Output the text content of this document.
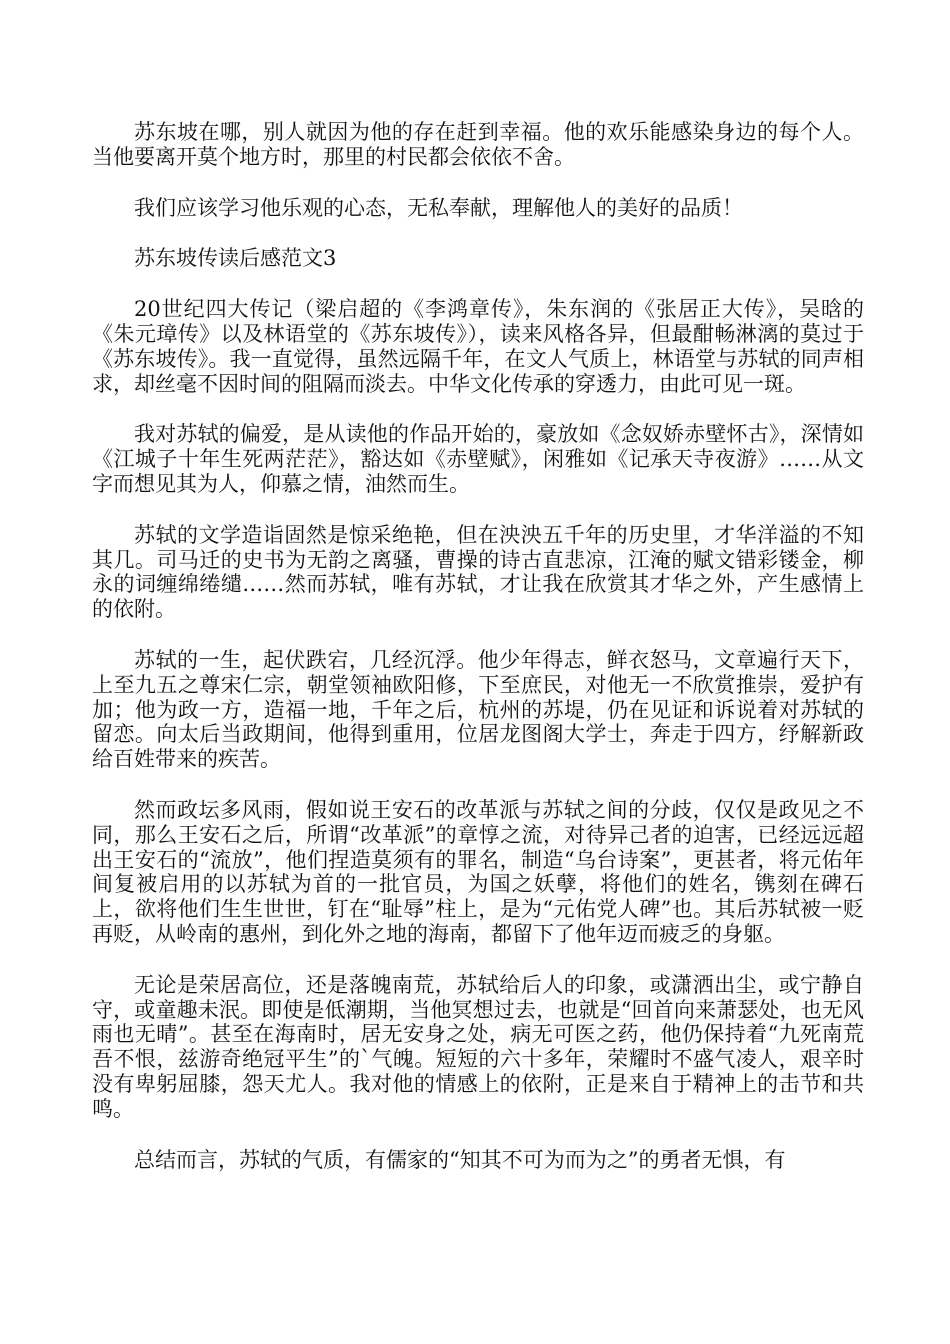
苏东坡在哪，别人就因为他的存在赶到幸福。他的欢乐能感染身边的每个人。当他要离开莫个地方时，那里的村民都会依依不舍。

我们应该学习他乐观的心态，无私奉献，理解他人的美好的品质！

苏东坡传读后感范文3

20世纪四大传记（梁启超的《李鸿章传》，朱东润的《张居正大传》，吴晗的《朱元璋传》以及林语堂的《苏东坡传》），读来风格各异，但最酣畅淋漓的莫过于《苏东坡传》。我一直觉得，虽然远隔千年，在文人气质上，林语堂与苏轼的同声相求，却丝毫不因时间的阻隔而淡去。中华文化传承的穿透力，由此可见一斑。

我对苏轼的偏爱，是从读他的作品开始的，豪放如《念奴娇赤壁怀古》，深情如《江城子十年生死两茫茫》，豁达如《赤壁赋》，闲雅如《记承天寺夜游》……从文字而想见其为人，仰慕之情，油然而生。

苏轼的文学造诣固然是惊采绝艳，但在泱泱五千年的历史里，才华洋溢的不知其几。司马迁的史书为无韵之离骚，曹操的诗古直悲凉，江淹的赋文错彩镂金，柳永的词缠绵绻缱……然而苏轼，唯有苏轼，才让我在欣赏其才华之外，产生感情上的依附。

苏轼的一生，起伏跌宕，几经沉浮。他少年得志，鲜衣怒马，文章遍行天下，上至九五之尊宋仁宗，朝堂领袖欧阳修，下至庶民，对他无一不欣赏推崇，爱护有加；他为政一方，造福一地，千年之后，杭州的苏堤，仍在见证和诉说着对苏轼的留恋。向太后当政期间，他得到重用，位居龙图阁大学士，奔走于四方，纾解新政给百姓带来的疾苦。

然而政坛多风雨，假如说王安石的改革派与苏轼之间的分歧，仅仅是政见之不同，那么王安石之后，所谓“改革派”的章惇之流，对待异己者的迫害，已经远远超出王安石的“流放”，他们捏造莫须有的罪名，制造“乌台诗案”，更甚者，将元佑年间复被启用的以苏轼为首的一批官员，为国之妖孽，将他们的姓名，镌刻在碑石上，欲将他们生生世世，钉在“耻辱”柱上，是为“元佑党人碑”也。其后苏轼被一贬再贬，从岭南的惠州，到化外之地的海南，都留下了他年迈而疲乏的身躯。

无论是荣居高位，还是落魄南荒，苏轼给后人的印象，或潇洒出尘，或宁静自守，或童趣未泯。即使是低潮期，当他冥想过去，也就是“回首向来萧瑟处，也无风雨也无晴”。甚至在海南时，居无安身之处，病无可医之药，他仍保持着“九死南荒吾不恨，兹游奇绝冠平生”的`气魄。短短的六十多年，荣耀时不盛气凌人，艰辛时没有卑躬屈膝，怨天尤人。我对他的情感上的依附，正是来自于精神上的击节和共鸣。

总结而言，苏轼的气质，有儒家的“知其不可为而为之”的勇者无惧，有
